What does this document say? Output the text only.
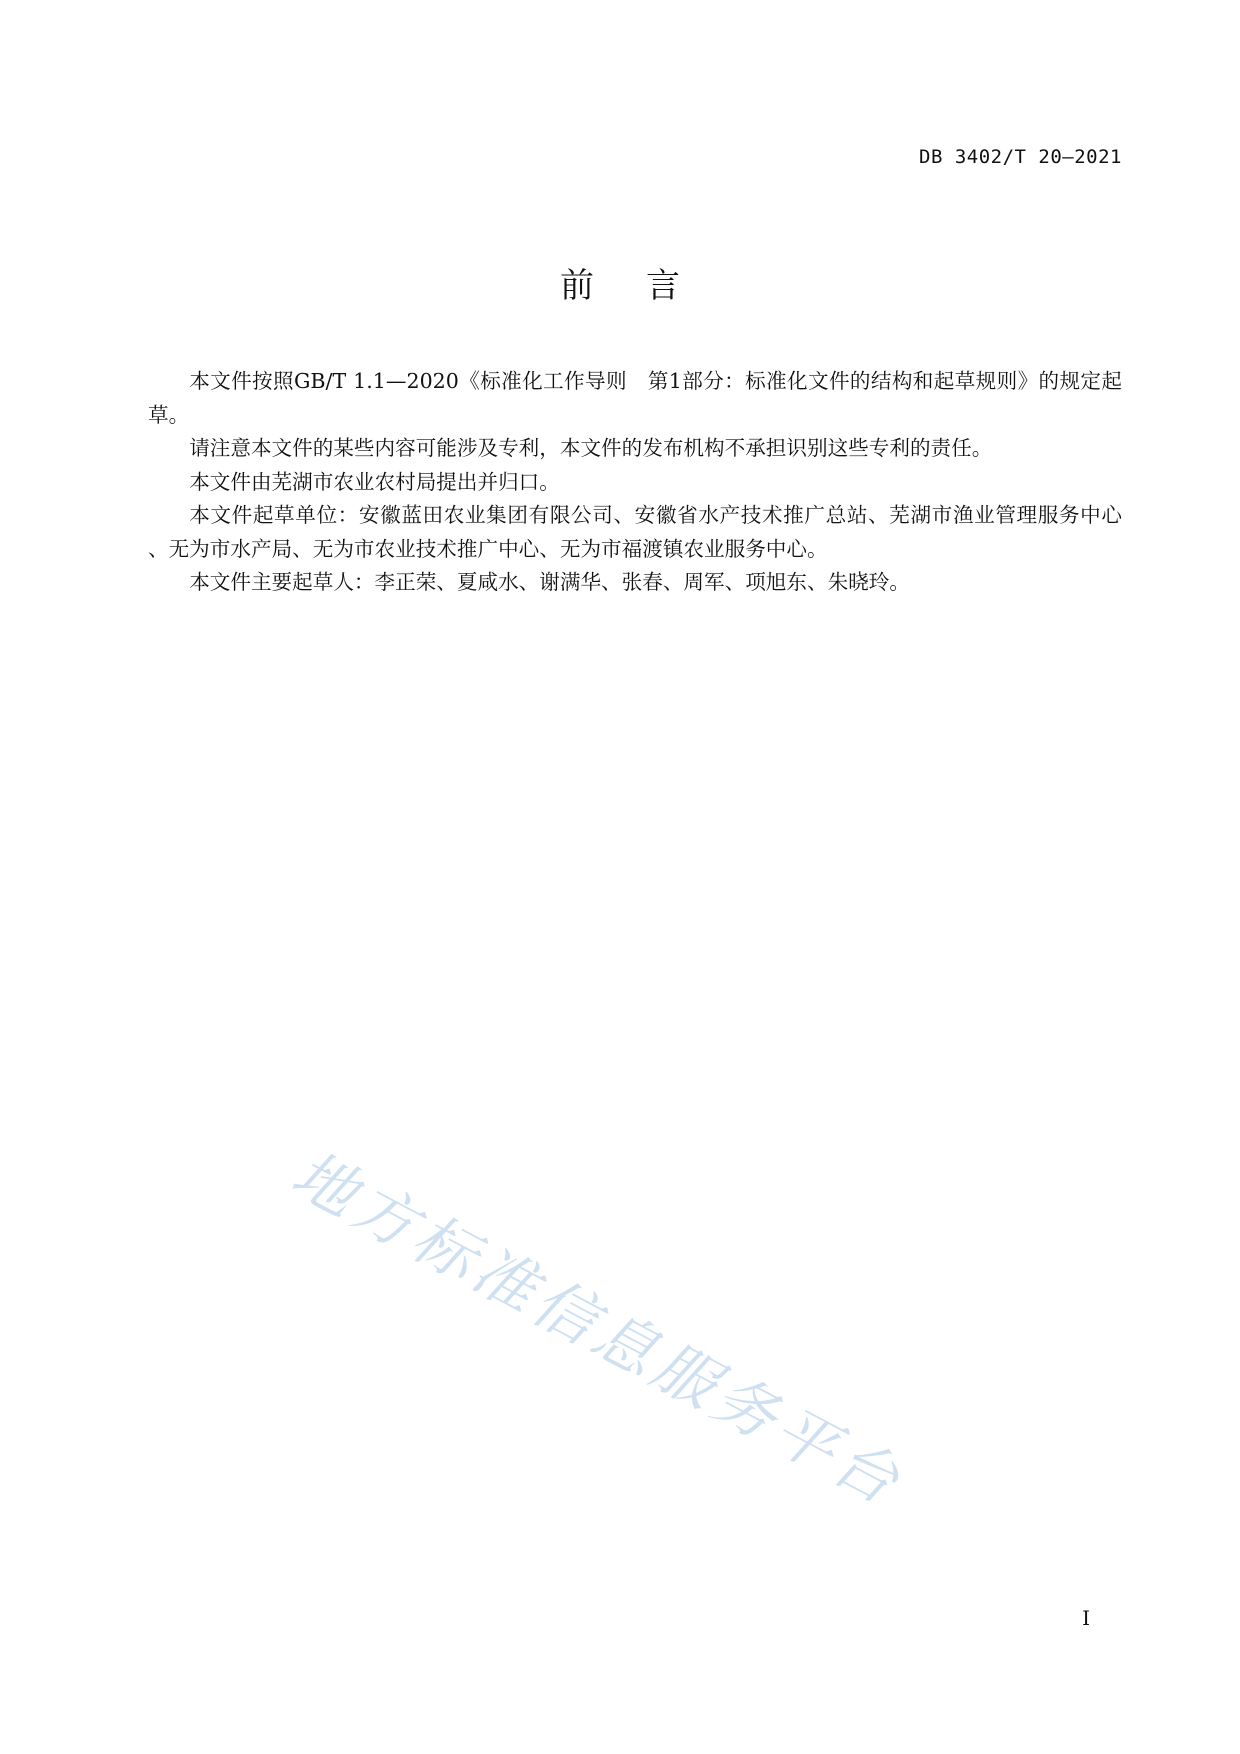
DB 3402/T 20—2021
前言

本文件按照GB/T 1.1—2020《标准化工作导则　第1部分：标准化文件的结构和起草规则》的规定起草。

请注意本文件的某些内容可能涉及专利，本文件的发布机构不承担识别这些专利的责任。

本文件由芜湖市农业农村局提出并归口。

本文件起草单位：安徽蓝田农业集团有限公司、安徽省水产技术推广总站、芜湖市渔业管理服务中心 、无为市水产局、无为市农业技术推广中心、无为市福渡镇农业服务中心。

本文件主要起草人：李正荣、夏咸水、谢满华、张春、周军、项旭东、朱晓玲。

地方标准信息服务平台
I
